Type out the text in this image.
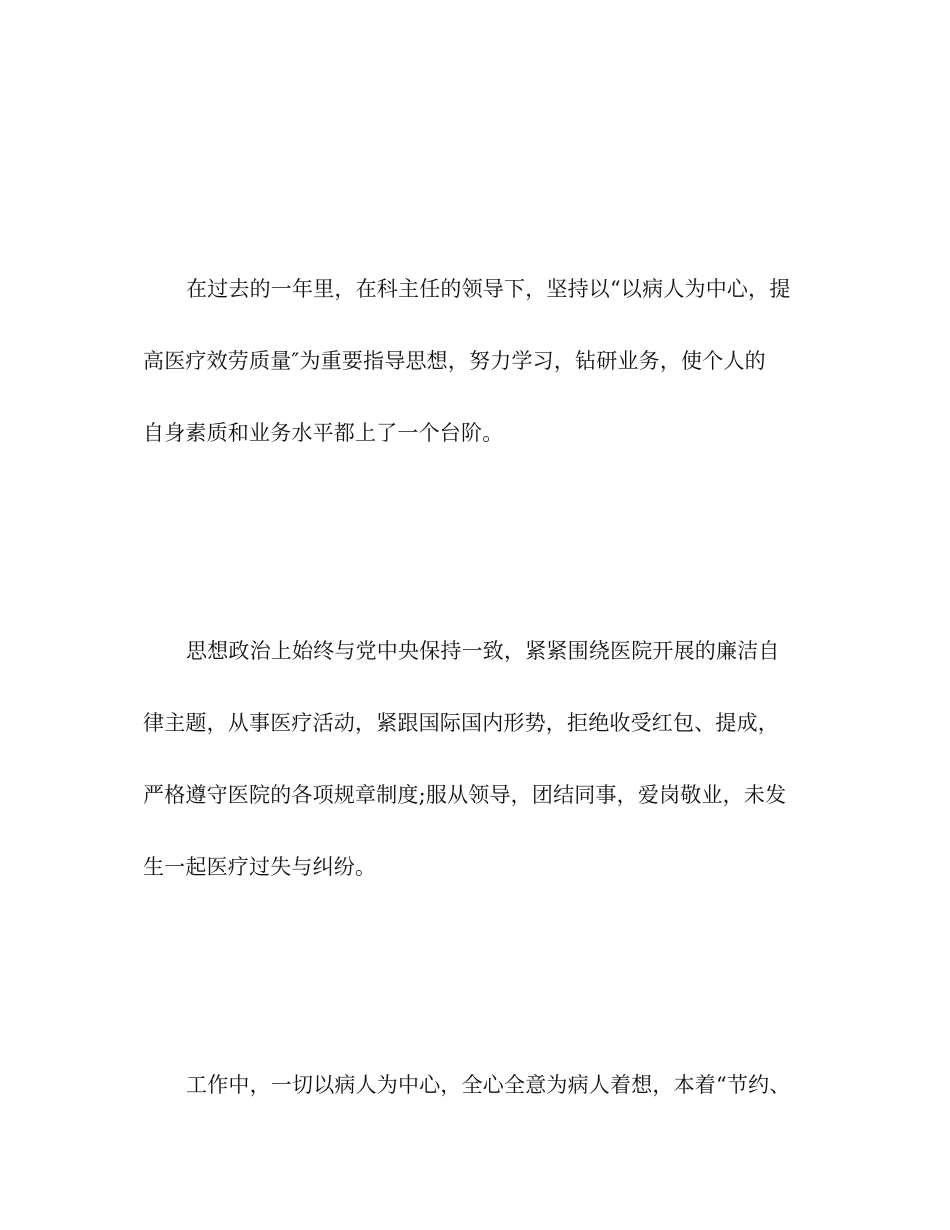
在过去的一年里，在科主任的领导下，坚持以“以病人为中心，提
高医疗效劳质量″为重要指导思想，努力学习，钻研业务，使个人的
自身素质和业务水平都上了一个台阶。
思想政治上始终与党中央保持一致，紧紧围绕医院开展的廉洁自
律主题，从事医疗活动，紧跟国际国内形势，拒绝收受红包、提成，
严格遵守医院的各项规章制度;服从领导，团结同事，爱岗敬业，未发
生一起医疗过失与纠纷。
工作中，一切以病人为中心，全心全意为病人着想，本着“节约、
